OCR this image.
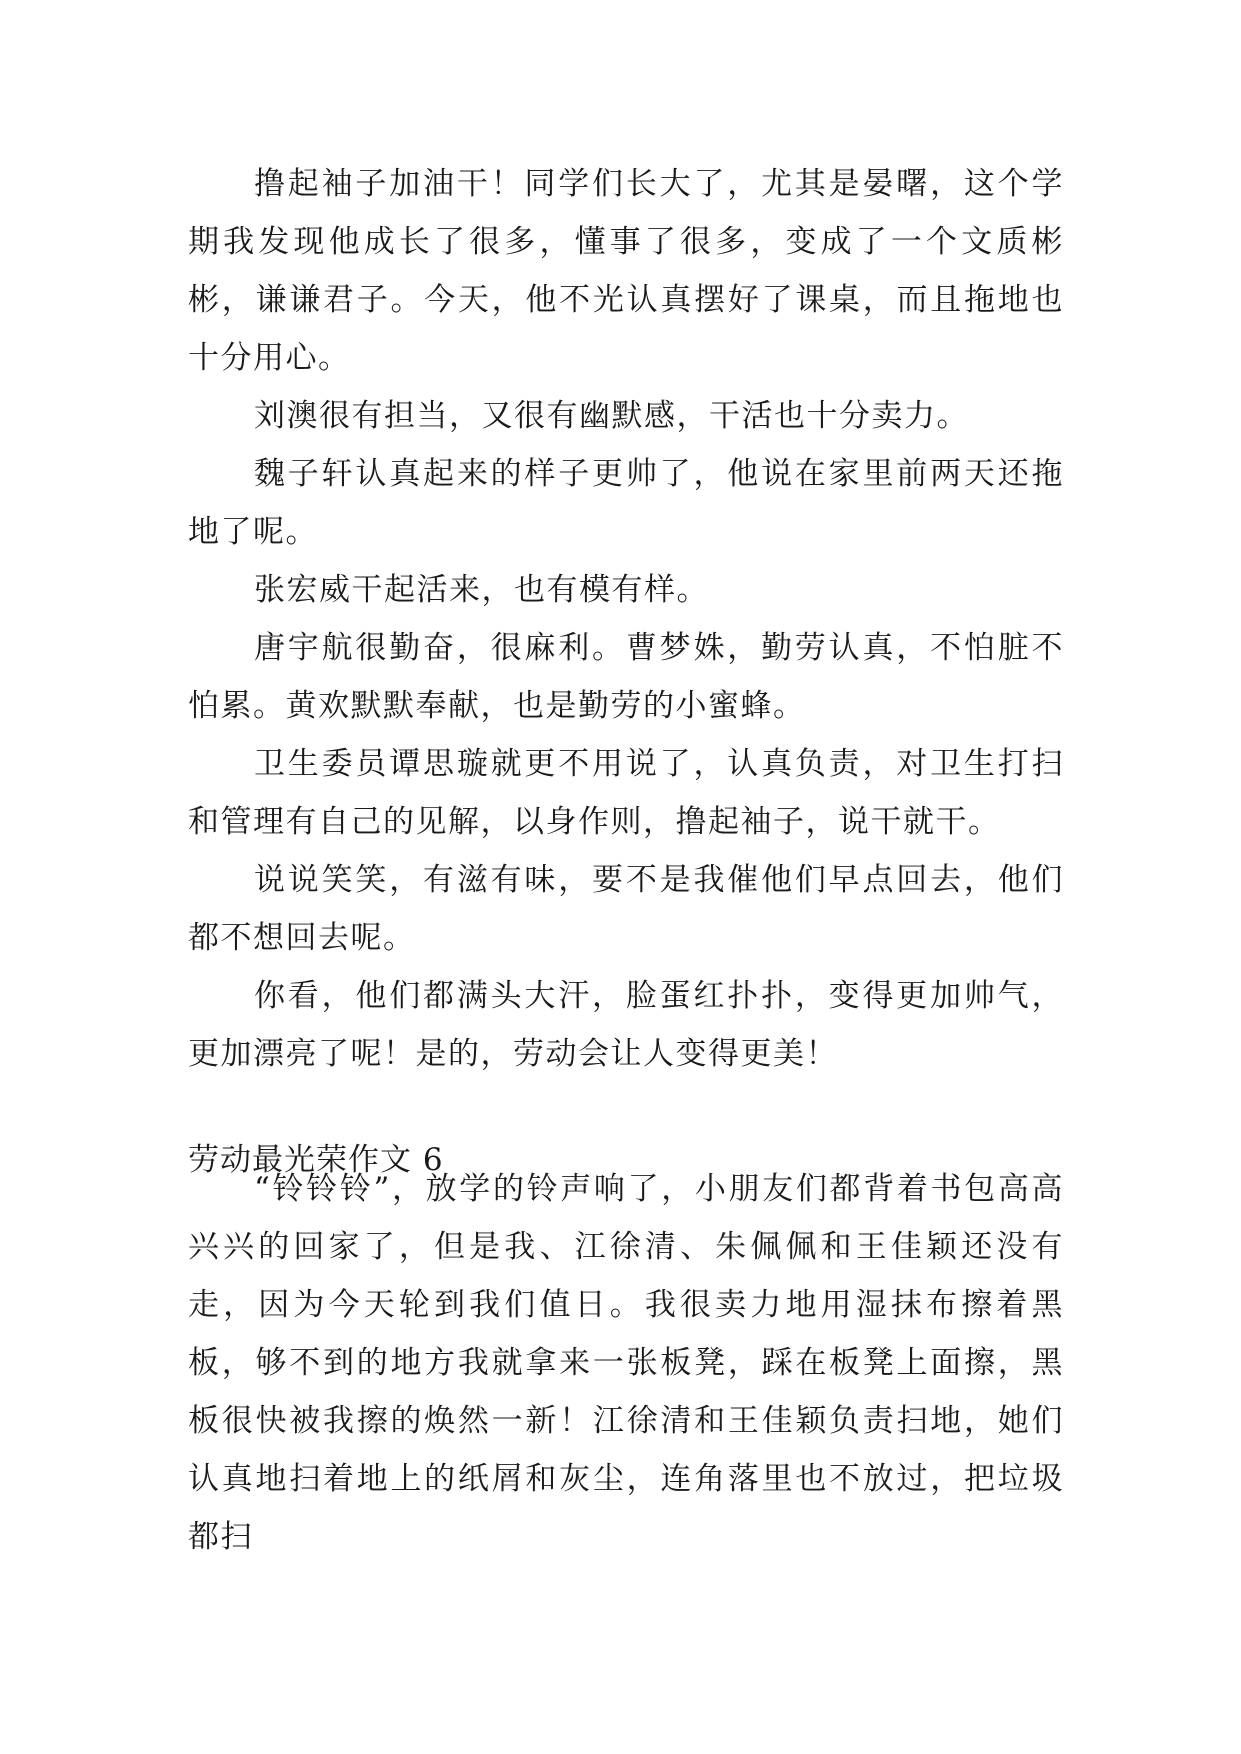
撸起袖子加油干！同学们长大了，尤其是晏曙，这个学期我发现他成长了很多，懂事了很多，变成了一个文质彬彬，谦谦君子。今天，他不光认真摆好了课桌，而且拖地也十分用心。

刘澳很有担当，又很有幽默感，干活也十分卖力。

魏子轩认真起来的样子更帅了，他说在家里前两天还拖地了呢。

张宏威干起活来，也有模有样。

唐宇航很勤奋，很麻利。曹梦姝，勤劳认真，不怕脏不怕累。黄欢默默奉献，也是勤劳的小蜜蜂。

卫生委员谭思璇就更不用说了，认真负责，对卫生打扫和管理有自己的见解，以身作则，撸起袖子，说干就干。

说说笑笑，有滋有味，要不是我催他们早点回去，他们都不想回去呢。

你看，他们都满头大汗，脸蛋红扑扑，变得更加帅气，更加漂亮了呢！是的，劳动会让人变得更美！

劳动最光荣作文 6

“铃铃铃”，放学的铃声响了，小朋友们都背着书包高高兴兴的回家了，但是我、江徐清、朱佩佩和王佳颖还没有走，因为今天轮到我们值日。我很卖力地用湿抹布擦着黑板，够不到的地方我就拿来一张板凳，踩在板凳上面擦，黑板很快被我擦的焕然一新！江徐清和王佳颖负责扫地，她们认真地扫着地上的纸屑和灰尘，连角落里也不放过，把垃圾都扫
